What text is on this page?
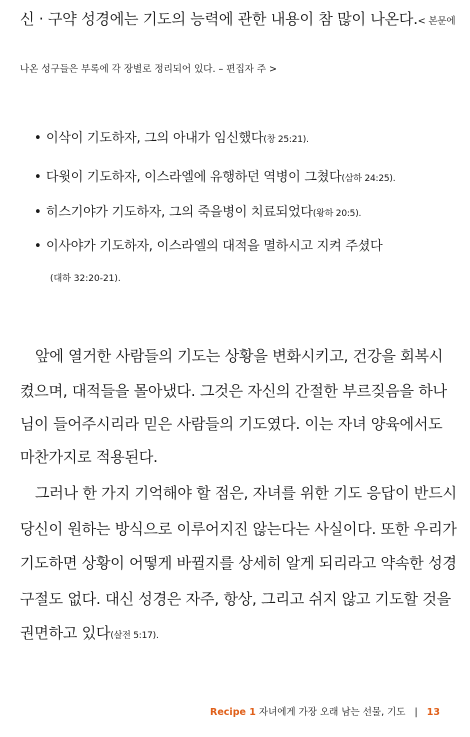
신 · 구약 성경에는 기도의 능력에 관한 내용이 참 많이 나온다.< 본문에
나온 성구들은 부록에 각 장별로 정리되어 있다. – 편집자 주 >
• 이삭이 기도하자, 그의 아내가 임신했다(창 25:21).
• 다윗이 기도하자, 이스라엘에 유행하던 역병이 그쳤다(삼하 24:25).
• 히스기야가 기도하자, 그의 죽을병이 치료되었다(왕하 20:5).
• 이사야가 기도하자, 이스라엘의 대적을 멸하시고 지켜 주셨다
(대하 32:20-21).
앞에 열거한 사람들의 기도는 상황을 변화시키고, 건강을 회복시
켰으며, 대적들을 몰아냈다. 그것은 자신의 간절한 부르짖음을 하나
님이 들어주시리라 믿은 사람들의 기도였다. 이는 자녀 양육에서도
마찬가지로 적용된다.
그러나 한 가지 기억해야 할 점은, 자녀를 위한 기도 응답이 반드시
당신이 원하는 방식으로 이루어지진 않는다는 사실이다. 또한 우리가
기도하면 상황이 어떻게 바뀔지를 상세히 알게 되리라고 약속한 성경
구절도 없다. 대신 성경은 자주, 항상, 그리고 쉬지 않고 기도할 것을
권면하고 있다(살전 5:17).
Recipe 1 자녀에게 가장 오래 남는 선물, 기도 | 13
